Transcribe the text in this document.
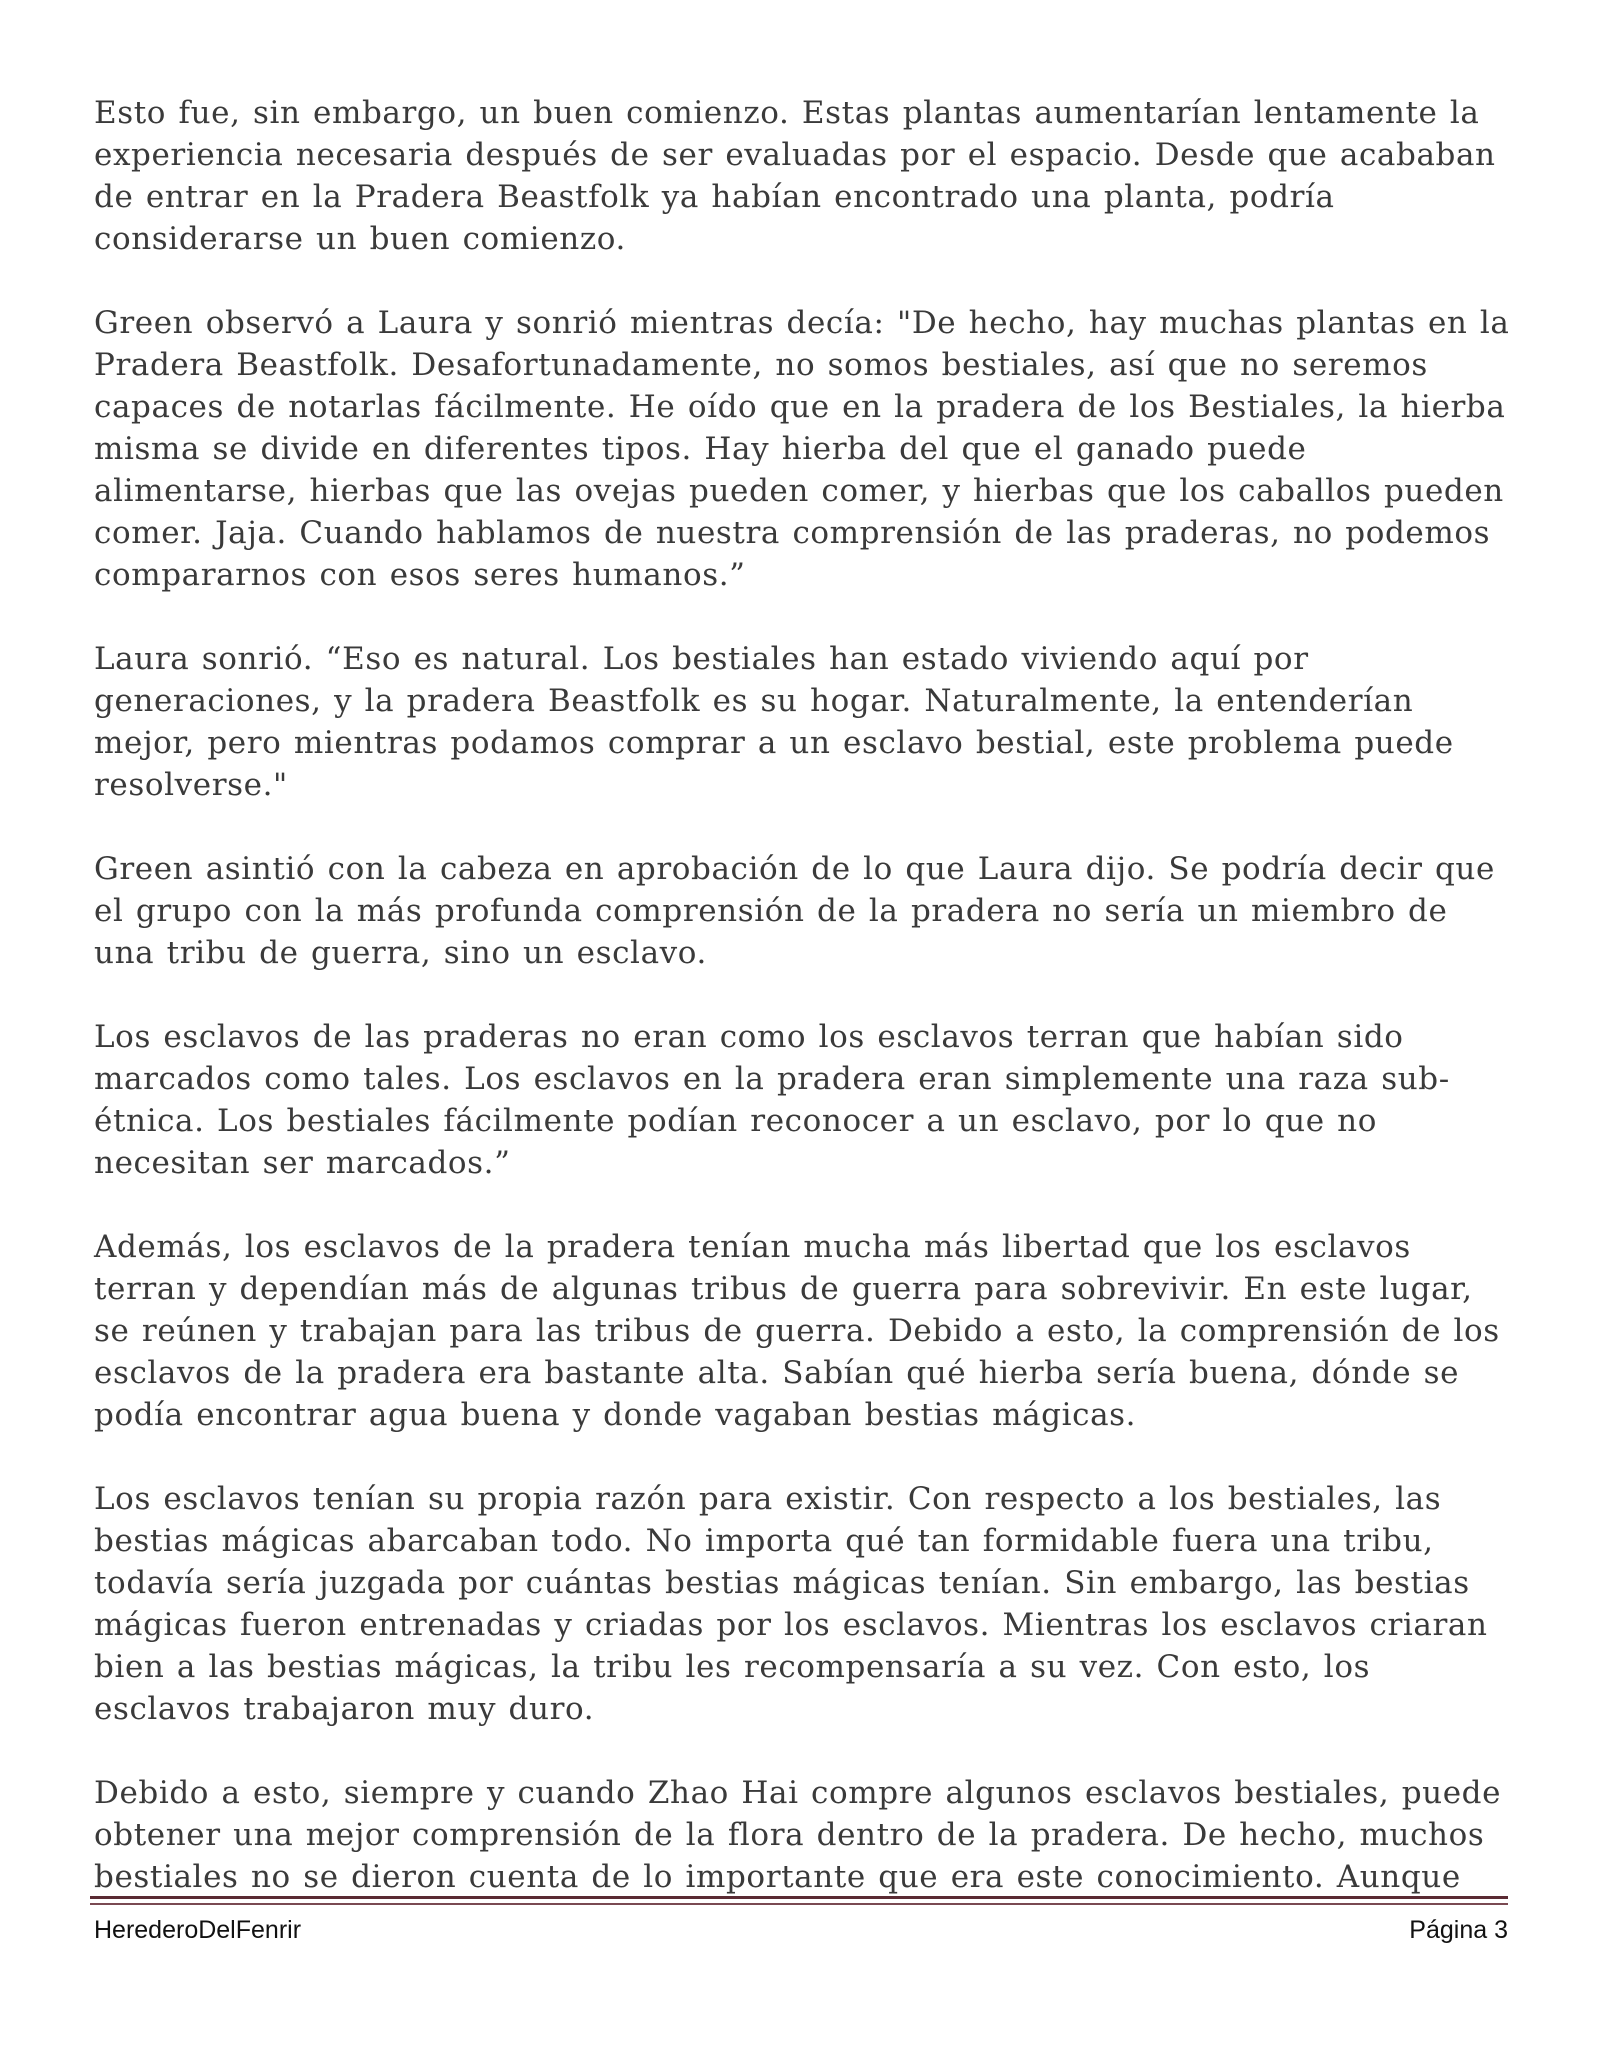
Esto fue, sin embargo, un buen comienzo. Estas plantas aumentarían lentamente la experiencia necesaria después de ser evaluadas por el espacio. Desde que acababan de entrar en la Pradera Beastfolk ya habían encontrado una planta, podría considerarse un buen comienzo.

Green observó a Laura y sonrió mientras decía: "De hecho, hay muchas plantas en la Pradera Beastfolk. Desafortunadamente, no somos bestiales, así que no seremos capaces de notarlas fácilmente. He oído que en la pradera de los Bestiales, la hierba misma se divide en diferentes tipos. Hay hierba del que el ganado puede alimentarse, hierbas que las ovejas pueden comer, y hierbas que los caballos pueden comer. Jaja. Cuando hablamos de nuestra comprensión de las praderas, no podemos compararnos con esos seres humanos.”

Laura sonrió. “Eso es natural. Los bestiales han estado viviendo aquí por generaciones, y la pradera Beastfolk es su hogar. Naturalmente, la entenderían mejor, pero mientras podamos comprar a un esclavo bestial, este problema puede resolverse."

Green asintió con la cabeza en aprobación de lo que Laura dijo. Se podría decir que el grupo con la más profunda comprensión de la pradera no sería un miembro de una tribu de guerra, sino un esclavo.

Los esclavos de las praderas no eran como los esclavos terran que habían sido marcados como tales. Los esclavos en la pradera eran simplemente una raza sub-étnica. Los bestiales fácilmente podían reconocer a un esclavo, por lo que no necesitan ser marcados.”

Además, los esclavos de la pradera tenían mucha más libertad que los esclavos terran y dependían más de algunas tribus de guerra para sobrevivir. En este lugar, se reúnen y trabajan para las tribus de guerra. Debido a esto, la comprensión de los esclavos de la pradera era bastante alta. Sabían qué hierba sería buena, dónde se podía encontrar agua buena y donde vagaban bestias mágicas.

Los esclavos tenían su propia razón para existir. Con respecto a los bestiales, las bestias mágicas abarcaban todo. No importa qué tan formidable fuera una tribu, todavía sería juzgada por cuántas bestias mágicas tenían. Sin embargo, las bestias mágicas fueron entrenadas y criadas por los esclavos. Mientras los esclavos criaran bien a las bestias mágicas, la tribu les recompensaría a su vez. Con esto, los esclavos trabajaron muy duro.

Debido a esto, siempre y cuando Zhao Hai compre algunos esclavos bestiales, puede obtener una mejor comprensión de la flora dentro de la pradera. De hecho, muchos bestiales no se dieron cuenta de lo importante que era este conocimiento. Aunque

HerederoDelFenrir	Página 3
